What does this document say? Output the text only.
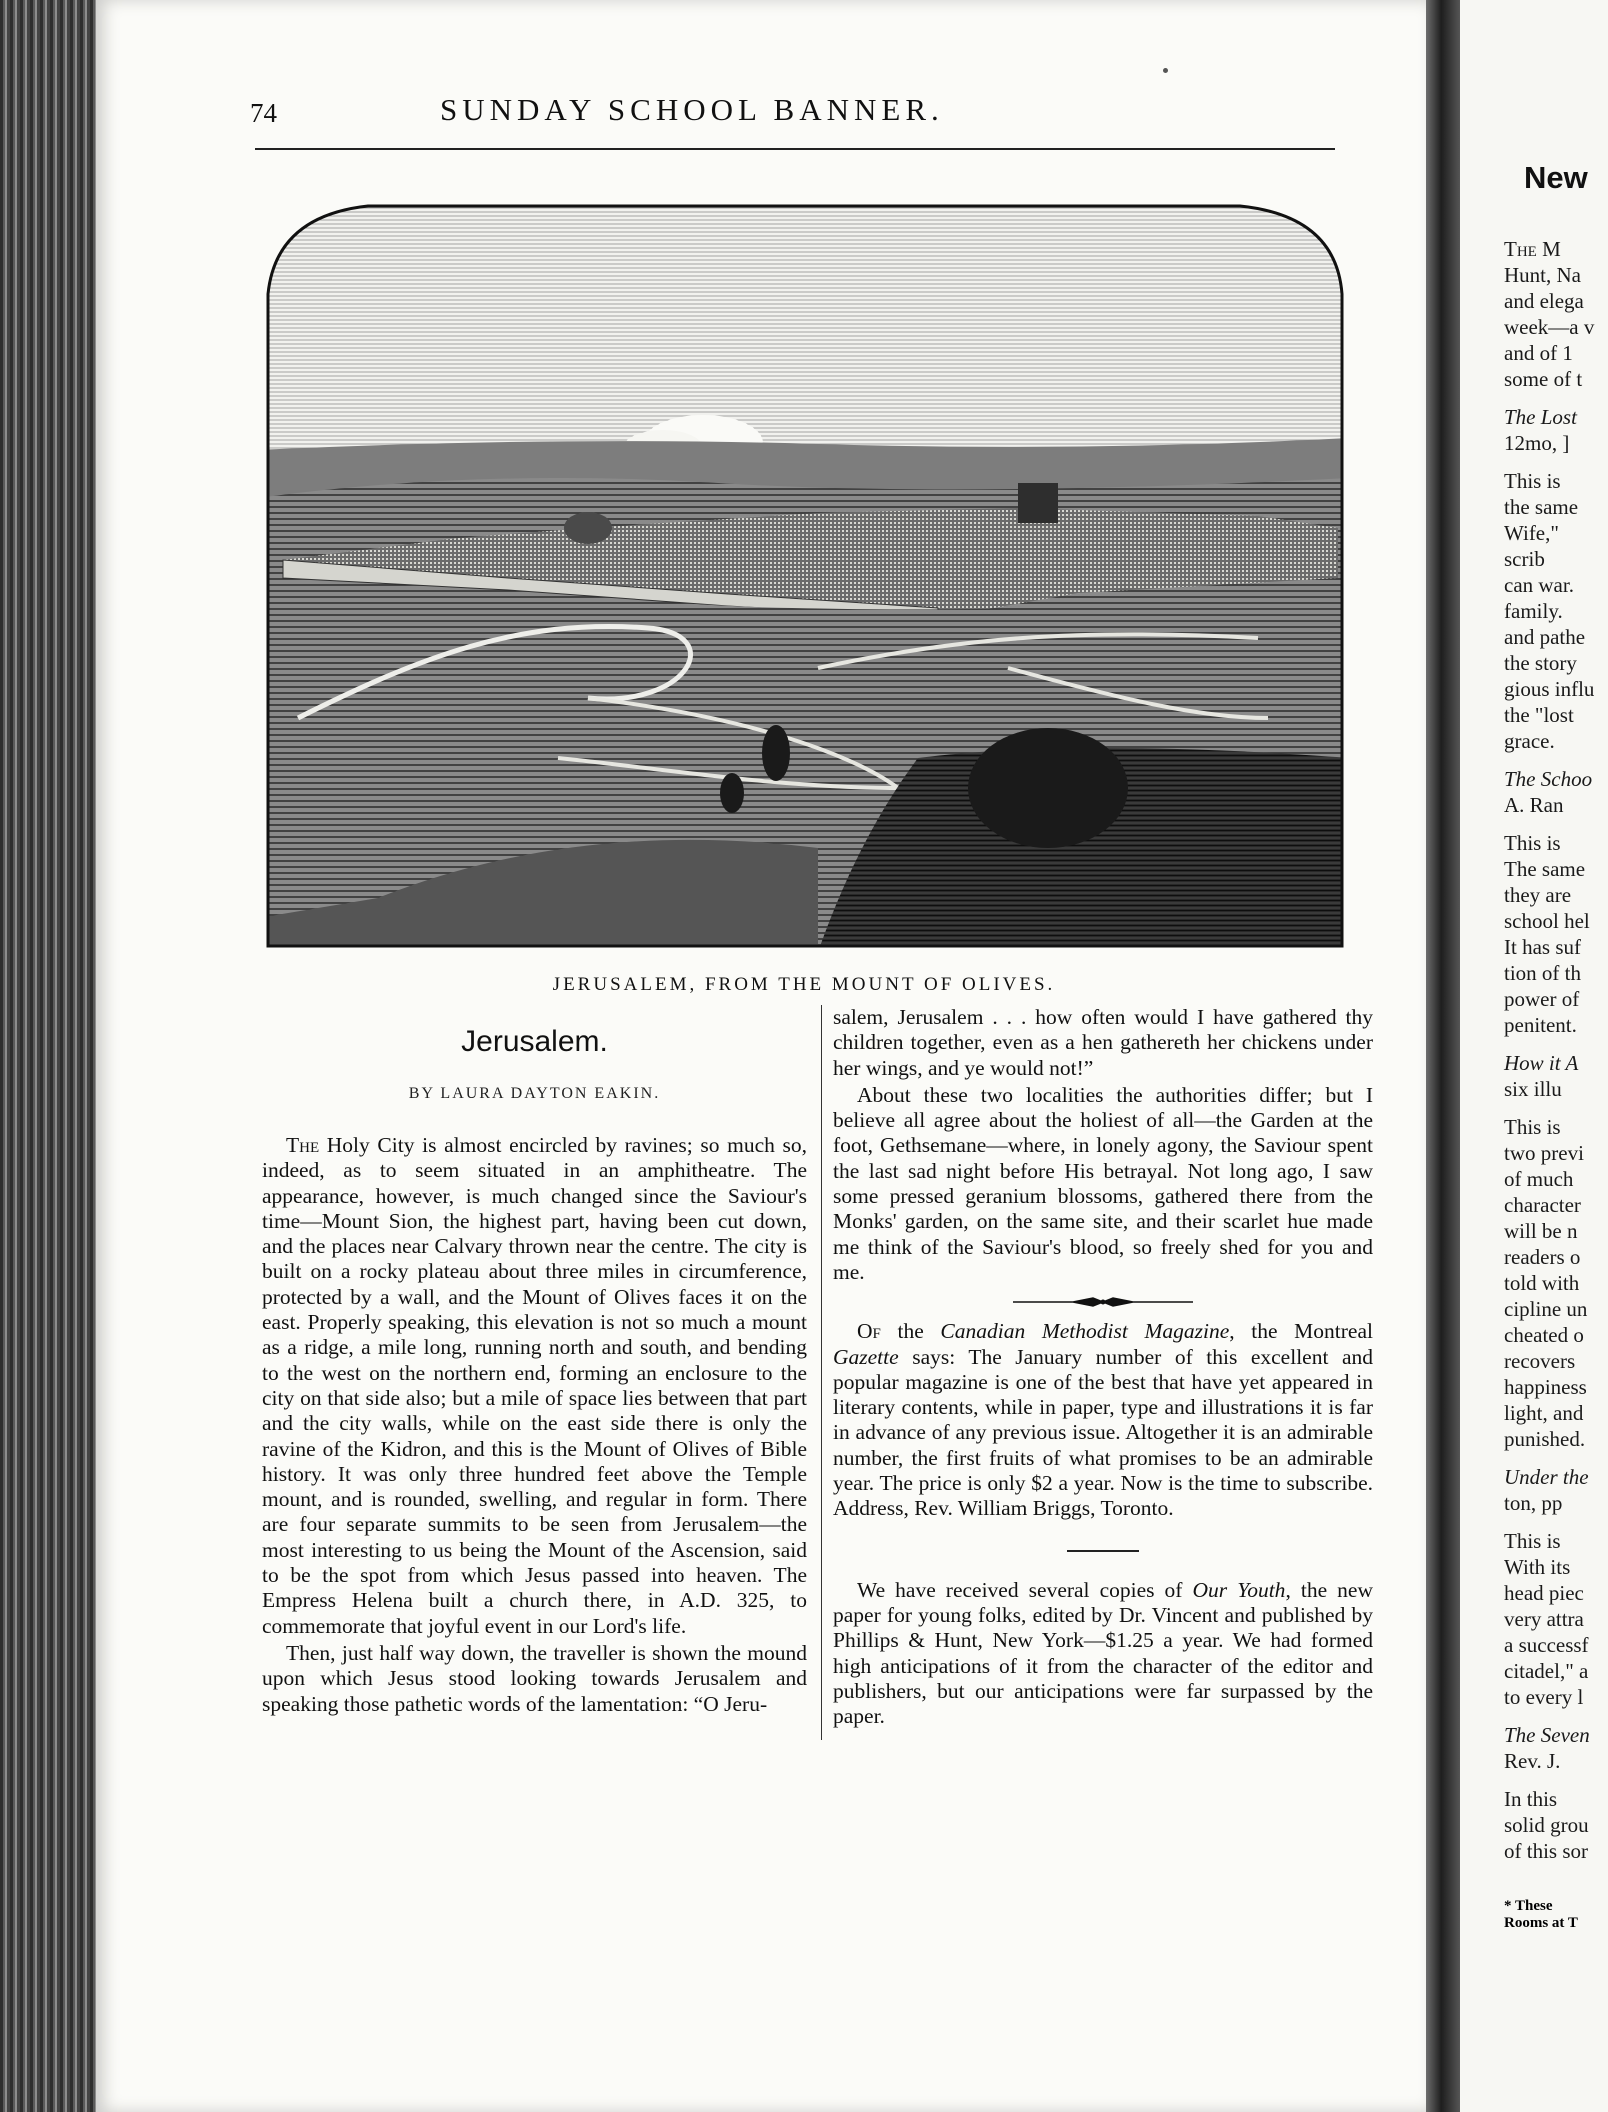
74	SUNDAY SCHOOL BANNER.
JERUSALEM, FROM THE MOUNT OF OLIVES.
Jerusalem.
BY LAURA DAYTON EAKIN.

The Holy City is almost encircled by ravines; so much so, indeed, as to seem situated in an amphitheatre. The appearance, however, is much changed since the Saviour's time—Mount Sion, the highest part, having been cut down, and the places near Calvary thrown near the centre. The city is built on a rocky plateau about three miles in circumference, protected by a wall, and the Mount of Olives faces it on the east. Properly speaking, this elevation is not so much a mount as a ridge, a mile long, running north and south, and bending to the west on the northern end, forming an enclosure to the city on that side also; but a mile of space lies between that part and the city walls, while on the east side there is only the ravine of the Kidron, and this is the Mount of Olives of Bible history. It was only three hundred feet above the Temple mount, and is rounded, swelling, and regular in form. There are four separate summits to be seen from Jerusalem—the most interesting to us being the Mount of the Ascension, said to be the spot from which Jesus passed into heaven. The Empress Helena built a church there, in A.D. 325, to commemorate that joyful event in our Lord's life.

Then, just half way down, the traveller is shown the mound upon which Jesus stood looking towards Jerusalem and speaking those pathetic words of the lamentation: “O Jeru-

salem, Jerusalem . . . how often would I have gathered thy children together, even as a hen gathereth her chickens under her wings, and ye would not!”

About these two localities the authorities differ; but I believe all agree about the holiest of all—the Garden at the foot, Gethsemane—where, in lonely agony, the Saviour spent the last sad night before His betrayal. Not long ago, I saw some pressed geranium blossoms, gathered there from the Monks' garden, on the same site, and their scarlet hue made me think of the Saviour's blood, so freely shed for you and me.

Of the Canadian Methodist Magazine, the Montreal Gazette says: The January number of this excellent and popular magazine is one of the best that have yet appeared in literary contents, while in paper, type and illustrations it is far in advance of any previous issue. Altogether it is an admirable number, the first fruits of what promises to be an admirable year. The price is only $2 a year. Now is the time to subscribe. Address, Rev. William Briggs, Toronto.

We have received several copies of Our Youth, the new paper for young folks, edited by Dr. Vincent and published by Phillips & Hunt, New York—$1.25 a year. We had formed high anticipations of it from the character of the editor and publishers, but our anticipations were far surpassed by the paper.

New
The M
Hunt, Na
and elega
week—a v
and of 1
some of t
The Lost
12mo, ]
This is
the same
Wife,"
scrib
can war.
family.
and pathe
the story
gious influ
the "lost
grace.
The Schoo
A. Ran
This is
The same
they are
school hel
It has suf
tion of th
power of
penitent.
How it A
six illu
This is
two previ
of much
character
will be n
readers o
told with
cipline un
cheated o
recovers
happiness
light, and
punished.
Under the
ton, pp
This is
With its
head piec
very attra
a successf
citadel," a
to every l
The Seven
Rev. J.
In this
solid grou
of this sor
* These
Rooms at T
